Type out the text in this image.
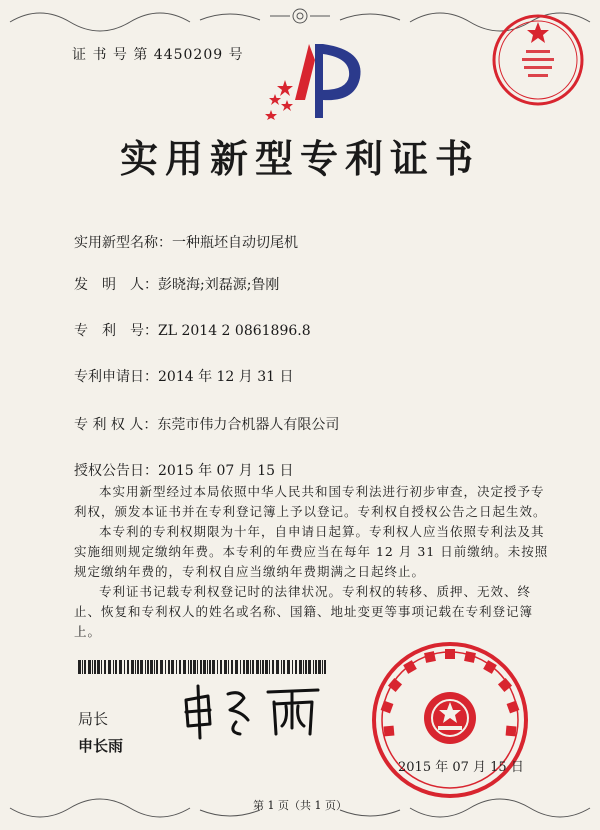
证 书 号 第 4450209 号
实用新型专利证书
实用新型名称：一种瓶坯自动切尾机
发　明　人：彭晓海;刘磊源;鲁刚
专　利　号：ZL 2014 2 0861896.8
专利申请日：2014 年 12 月 31 日
专 利 权 人：东莞市伟力合机器人有限公司
授权公告日：2015 年 07 月 15 日

本实用新型经过本局依照中华人民共和国专利法进行初步审查，决定授予专利权，颁发本证书并在专利登记簿上予以登记。专利权自授权公告之日起生效。

本专利的专利权期限为十年，自申请日起算。专利权人应当依照专利法及其实施细则规定缴纳年费。本专利的年费应当在每年 12 月 31 日前缴纳。未按照规定缴纳年费的，专利权自应当缴纳年费期满之日起终止。

专利证书记载专利权登记时的法律状况。专利权的转移、质押、无效、终止、恢复和专利权人的姓名或名称、国籍、地址变更等事项记载在专利登记簿上。

局长
申长雨
2015 年 07 月 15 日
第 1 页（共 1 页）
